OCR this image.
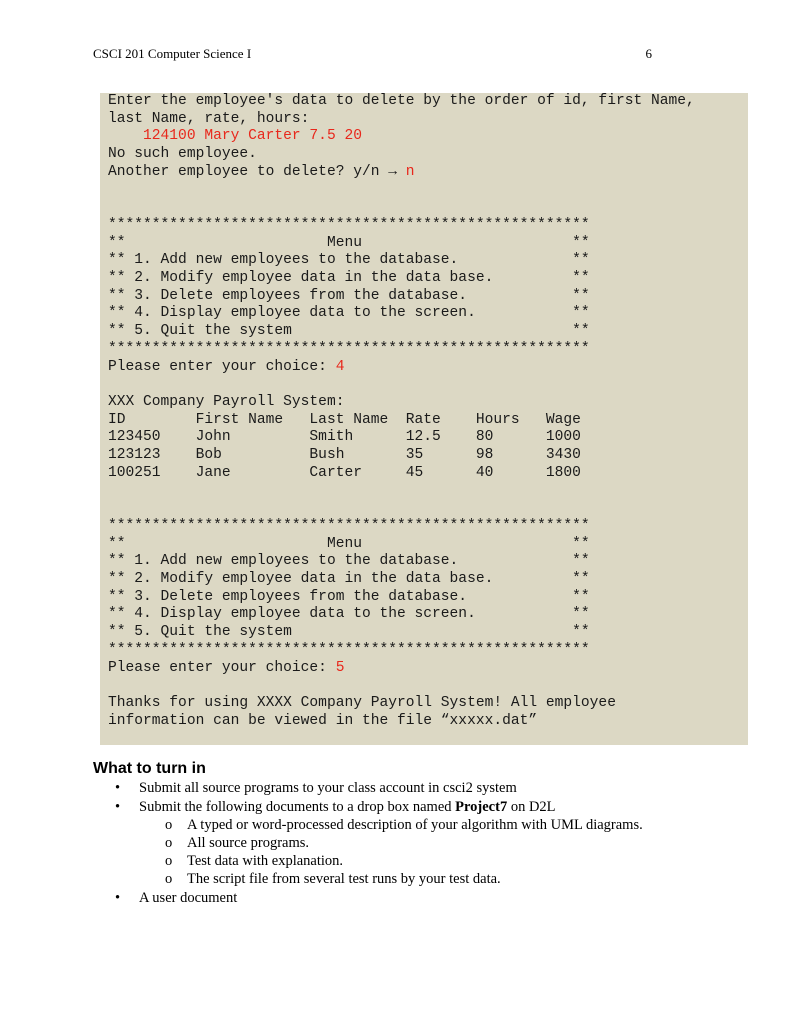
CSCI 201 Computer Science I	6
Enter the employee's data to delete by the order of id, first Name,
last Name, rate, hours:
124100 Mary Carter 7.5 20
No such employee.
Another employee to delete? y/n → n

*******************************************************
**                       Menu                        **
** 1. Add new employees to the database.             **
** 2. Modify employee data in the data base.         **
** 3. Delete employees from the database.            **
** 4. Display employee data to the screen.           **
** 5. Quit the system                                **
*******************************************************
Please enter your choice: 4

XXX Company Payroll System:
ID        First Name   Last Name  Rate    Hours   Wage
123450    John         Smith      12.5    80      1000
123123    Bob          Bush       35      98      3430
100251    Jane         Carter     45      40      1800

*******************************************************
**                       Menu                        **
** 1. Add new employees to the database.             **
** 2. Modify employee data in the data base.         **
** 3. Delete employees from the database.            **
** 4. Display employee data to the screen.           **
** 5. Quit the system                                **
*******************************************************
Please enter your choice: 5

Thanks for using XXXX Company Payroll System! All employee
information can be viewed in the file “xxxxx.dat”
What to turn in
• Submit all source programs to your class account in csci2 system
• Submit the following documents to a drop box named Project7 on D2L
o A typed or word-processed description of your algorithm with UML diagrams.
o All source programs.
o Test data with explanation.
o The script file from several test runs by your test data.
• A user document
